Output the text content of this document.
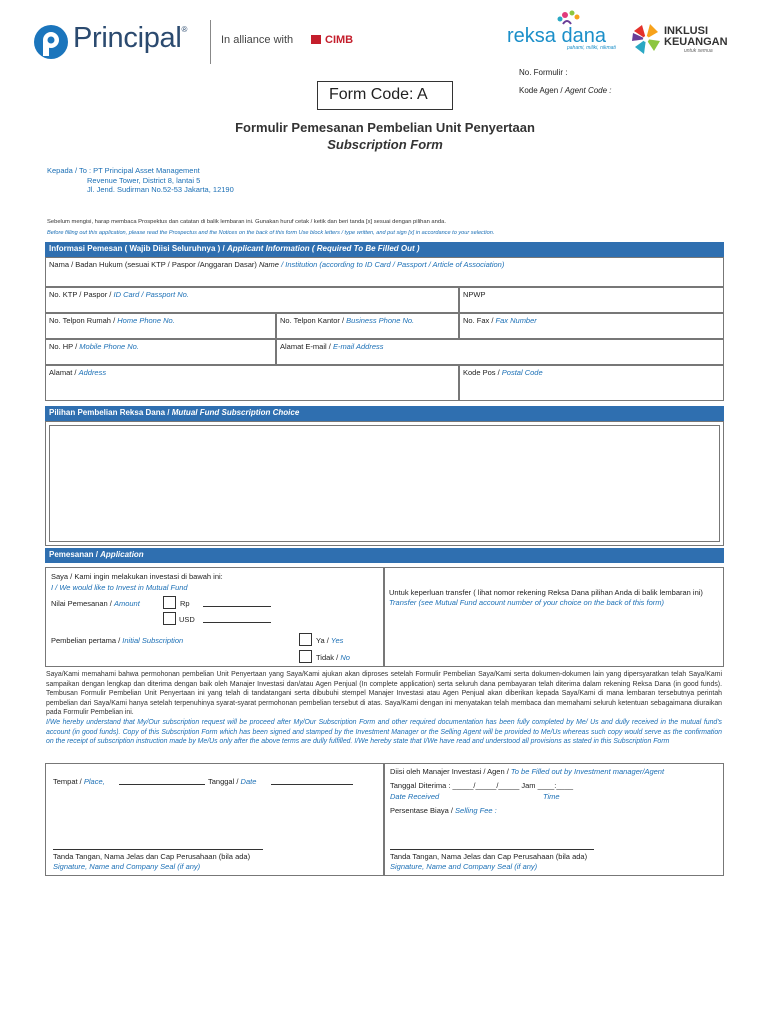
Principal®
In alliance with	CIMB	reksa dana
pahami, miliki, nikmati
INKLUSI
KEUANGAN
untuk semua
No. Formulir :
Kode Agen / Agent Code :
Form Code: A
Formulir Pemesanan Pembelian Unit Penyertaan
Subscription Form
Kepada / To : PT Principal Asset Management
Revenue Tower, District 8, lantai 5
Jl. Jend. Sudirman No.52-53 Jakarta, 12190
Sebelum mengisi, harap membaca Prospektus dan catatan di balik lembaran ini. Gunakan huruf cetak / ketik dan beri tanda [x] sesuai dengan pilihan anda.
Before filling out this application, please read the Prospectus and the Notices on the back of this form Use block letters / type written, and put sign [x] in accordance to your selection.
Informasi Pemesan ( Wajib Diisi Seluruhnya ) / Applicant Information ( Required To Be Filled Out )
Nama / Badan Hukum (sesuai KTP / Paspor /Anggaran Dasar) Name / Institution (according to ID Card / Passport / Article of Association)
No. KTP / Paspor / ID Card / Passport No.	NPWP
No. Telpon Rumah / Home Phone No.	No. Telpon Kantor / Business Phone No.	No. Fax / Fax Number
No. HP / Mobile Phone No.	Alamat E-mail / E-mail Address
Alamat / Address	Kode Pos / Postal Code
Pilihan Pembelian Reksa Dana / Mutual Fund Subscription Choice
Pemesanan / Application
Saya / Kami ingin melakukan investasi di bawah ini:
I / We would like to Invest in Mutual Fund
Nilai Pemesanan / Amount	Rp
USD
Pembelian pertama / Initial Subscription	Ya / Yes
Tidak / No
Untuk keperluan transfer ( lihat nomor rekening Reksa Dana pilihan Anda di balik lembaran ini)
Transfer (see Mutual Fund account number of your choice on the back of this form)
Saya/Kami memahami bahwa permohonan pembelian Unit Penyertaan yang Saya/Kami ajukan akan diproses setelah Formulir Pembelian Saya/Kami serta dokumen-dokumen lain yang dipersyaratkan telah Saya/Kami sampaikan dengan lengkap dan diterima dengan baik oleh Manajer Investasi dan/atau Agen Penjual (In complete application) serta seluruh dana pembayaran telah diterima dalam rekening Reksa Dana (in good funds). Tembusan Formulir Pembelian Unit Penyertaan ini yang telah di tandatangani serta dibubuhi stempel Manajer Investasi atau Agen Penjual akan diberikan kepada Saya/Kami di mana lembaran tersebutnya perintah pembelian dari Saya/Kami hanya setelah terpenuhinya syarat-syarat permohonan pembelian tersebut di atas. Saya/Kami dengan ini menyatakan telah membaca dan memahami seluruh ketentuan sebagaimana diuraikan pada Formulir Pembelian ini.
I/We hereby understand that My/Our subscription request will be proceed after My/Our Subscription Form and other required documentation has been fully completed by Me/ Us and dully received in the mutual fund's account (in good funds). Copy of this Subscription Form which has been signed and stamped by the Investment Manager or the Selling Agent will be provided to Me/Us whereas such copy would serve as the confirmation on the receipt of subscription instruction made by Me/Us only after the above terms are dully fulfilled. I/We hereby state that I/We have read and understood all provisions as stated in this Subscription Form
Tempat / Place,	Tanggal / Date
Tanda Tangan, Nama Jelas dan Cap Perusahaan (bila ada)
Signature, Name and Company Seal (if any)
Diisi oleh Manajer Investasi / Agen / To be Filled out by Investment manager/Agent
Tanggal Diterima : _____/_____/_____ Jam ____:____
Date Received	Time
Persentase Biaya / Selling Fee :
Tanda Tangan, Nama Jelas dan Cap Perusahaan (bila ada)
Signature, Name and Company Seal (if any)
